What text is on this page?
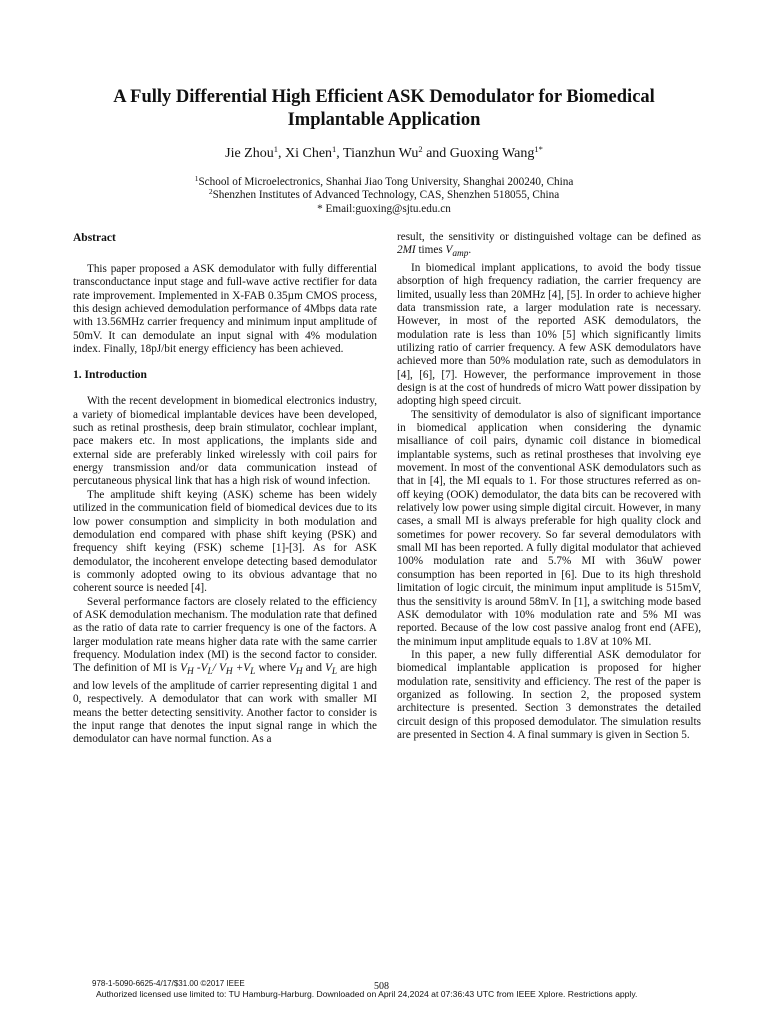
A Fully Differential High Efficient ASK Demodulator for Biomedical
Implantable Application
Jie Zhou$^1$, Xi Chen$^1$, Tianzhun Wu$^2$ and Guoxing Wang$^{1*}$
$^1$School of Microelectronics, Shanhai Jiao Tong University, Shanghai 200240, China
$^2$Shenzhen Institutes of Advanced Technology, CAS, Shenzhen 518055, China
* Email:guoxing@sjtu.edu.cn
Abstract

This paper proposed a ASK demodulator with fully differential transconductance input stage and full-wave active rectifier for data rate improvement. Implemented in X-FAB 0.35µm CMOS process, this design achieved demodulation performance of 4Mbps data rate with 13.56MHz carrier frequency and minimum input amplitude of 50mV. It can demodulate an input signal with 4% modulation index. Finally, 18pJ/bit energy efficiency has been achieved.

1. Introduction

With the recent development in biomedical electronics industry, a variety of biomedical implantable devices have been developed, such as retinal prosthesis, deep brain stimulator, cochlear implant, pace makers etc. In most applications, the implants side and external side are preferably linked wirelessly with coil pairs for energy transmission and/or data communication instead of percutaneous physical link that has a high risk of wound infection.

The amplitude shift keying (ASK) scheme has been widely utilized in the communication field of biomedical devices due to its low power consumption and simplicity in both modulation and demodulation end compared with phase shift keying (PSK) and frequency shift keying (FSK) scheme [1]-[3]. As for ASK demodulator, the incoherent envelope detecting based demodulator is commonly adopted owing to its obvious advantage that no coherent source is needed [4].

Several performance factors are closely related to the efficiency of ASK demodulation mechanism. The modulation rate that defined as the ratio of data rate to carrier frequency is one of the factors. A larger modulation rate means higher data rate with the same carrier frequency. Modulation index (MI) is the second factor to consider. The definition of MI is $V_H$ $-V_L/$ $V_H +V_L$ where $V_H$ and $V_L$ are high and low levels of the amplitude of carrier representing digital 1 and 0, respectively. A demodulator that can work with smaller MI means the better detecting sensitivity. Another factor to consider is the input range that denotes the input signal range in which the demodulator can have normal function. As a

result, the sensitivity or distinguished voltage can be defined as 2MI times $V_{amp}$.

In biomedical implant applications, to avoid the body tissue absorption of high frequency radiation, the carrier frequency are limited, usually less than 20MHz [4], [5]. In order to achieve higher data transmission rate, a larger modulation rate is necessary. However, in most of the reported ASK demodulators, the modulation rate is less than 10% [5] which significantly limits utilizing ratio of carrier frequency. A few ASK demodulators have achieved more than 50% modulation rate, such as demodulators in [4], [6], [7]. However, the performance improvement in those design is at the cost of hundreds of micro Watt power dissipation by adopting high speed circuit.

The sensitivity of demodulator is also of significant importance in biomedical application when considering the dynamic misalliance of coil pairs, dynamic coil distance in biomedical implantable systems, such as retinal prostheses that involving eye movement. In most of the conventional ASK demodulators such as that in [4], the MI equals to 1. For those structures referred as on-off keying (OOK) demodulator, the data bits can be recovered with relatively low power using simple digital circuit. However, in many cases, a small MI is always preferable for high quality clock and sometimes for power recovery. So far several demodulators with small MI has been reported. A fully digital modulator that achieved 100% modulation rate and 5.7% MI with 36uW power consumption has been reported in [6]. Due to its high threshold limitation of logic circuit, the minimum input amplitude is 515mV, thus the sensitivity is around 58mV. In [1], a switching mode based ASK demodulator with 10% modulation rate and 5% MI was reported. Because of the low cost passive analog front end (AFE), the minimum input amplitude equals to 1.8V at 10% MI.

In this paper, a new fully differential ASK demodulator for biomedical implantable application is proposed for higher modulation rate, sensitivity and efficiency. The rest of the paper is organized as following. In section 2, the proposed system architecture is presented. Section 3 demonstrates the detailed circuit design of this proposed demodulator. The simulation results are presented in Section 4. A final summary is given in Section 5.

978-1-5090-6625-4/17/$31.00 ©2017 IEEE	508
Authorized licensed use limited to: TU Hamburg-Harburg. Downloaded on April 24,2024 at 07:36:43 UTC from IEEE Xplore. Restrictions apply.
